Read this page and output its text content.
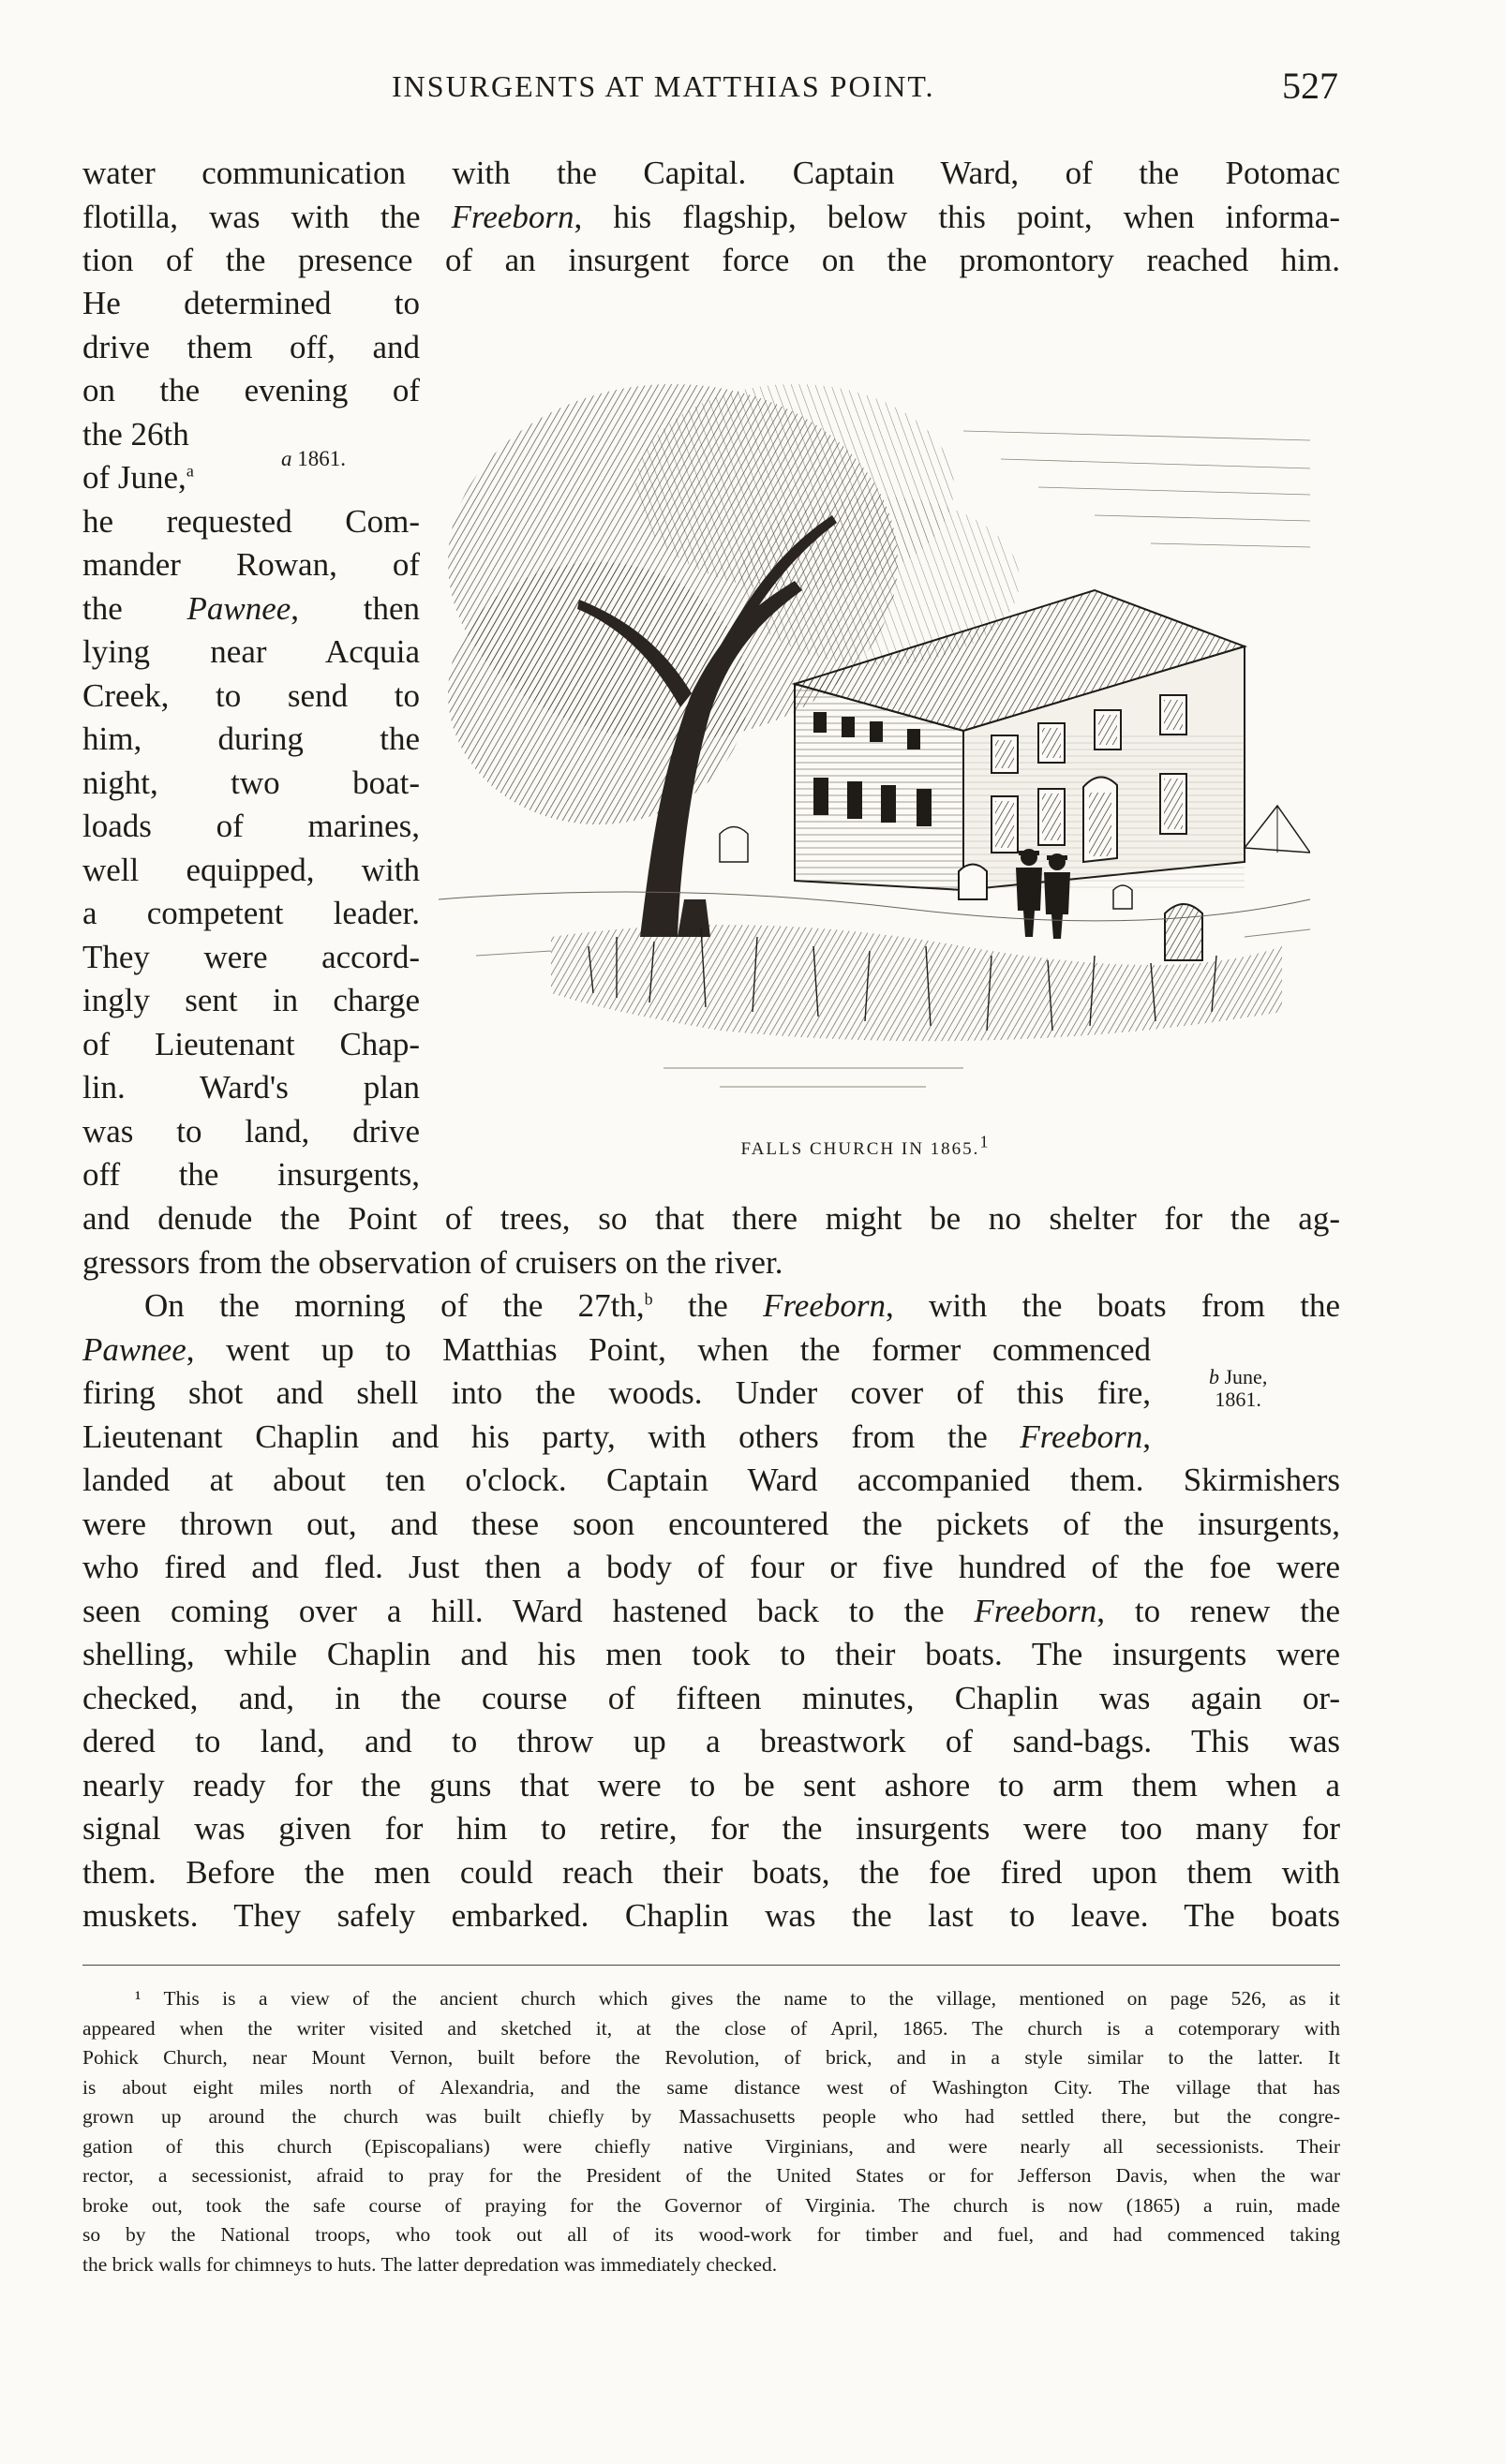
INSURGENTS AT MATTHIAS POINT.	527
water communication with the Capital. Captain Ward, of the Potomac
flotilla, was with the Freeborn, his flagship, below this point, when informa-
tion of the presence of an insurgent force on the promontory reached him.
He determined to
drive them off, and
on the evening of
the 26th
of June,$^a$
he requested Com-
mander Rowan, of
the Pawnee, then
lying near Acquia
Creek, to send to
him, during the
night, two boat-
loads of marines,
well equipped, with
a competent leader.
They were accord-
ingly sent in charge
of Lieutenant Chap-
lin. Ward's plan
was to land, drive
off the insurgents,
a 1861.
FALLS CHURCH IN 1865.$^1$
and denude the Point of trees, so that there might be no shelter for the ag-
gressors from the observation of cruisers on the river.
On the morning of the 27th,$^b$ the Freeborn, with the boats from the
Pawnee, went up to Matthias Point, when the former commenced
firing shot and shell into the woods. Under cover of this fire,
Lieutenant Chaplin and his party, with others from the Freeborn,
b June,
1861.
landed at about ten o'clock. Captain Ward accompanied them. Skirmishers
were thrown out, and these soon encountered the pickets of the insurgents,
who fired and fled. Just then a body of four or five hundred of the foe were
seen coming over a hill. Ward hastened back to the Freeborn, to renew the
shelling, while Chaplin and his men took to their boats. The insurgents were
checked, and, in the course of fifteen minutes, Chaplin was again or-
dered to land, and to throw up a breastwork of sand-bags. This was
nearly ready for the guns that were to be sent ashore to arm them when a
signal was given for him to retire, for the insurgents were too many for
them. Before the men could reach their boats, the foe fired upon them with
muskets. They safely embarked. Chaplin was the last to leave. The boats
¹ This is a view of the ancient church which gives the name to the village, mentioned on page 526, as it
appeared when the writer visited and sketched it, at the close of April, 1865. The church is a cotemporary with
Pohick Church, near Mount Vernon, built before the Revolution, of brick, and in a style similar to the latter. It
is about eight miles north of Alexandria, and the same distance west of Washington City. The village that has
grown up around the church was built chiefly by Massachusetts people who had settled there, but the congre-
gation of this church (Episcopalians) were chiefly native Virginians, and were nearly all secessionists. Their
rector, a secessionist, afraid to pray for the President of the United States or for Jefferson Davis, when the war
broke out, took the safe course of praying for the Governor of Virginia. The church is now (1865) a ruin, made
so by the National troops, who took out all of its wood-work for timber and fuel, and had commenced taking
the brick walls for chimneys to huts. The latter depredation was immediately checked.
